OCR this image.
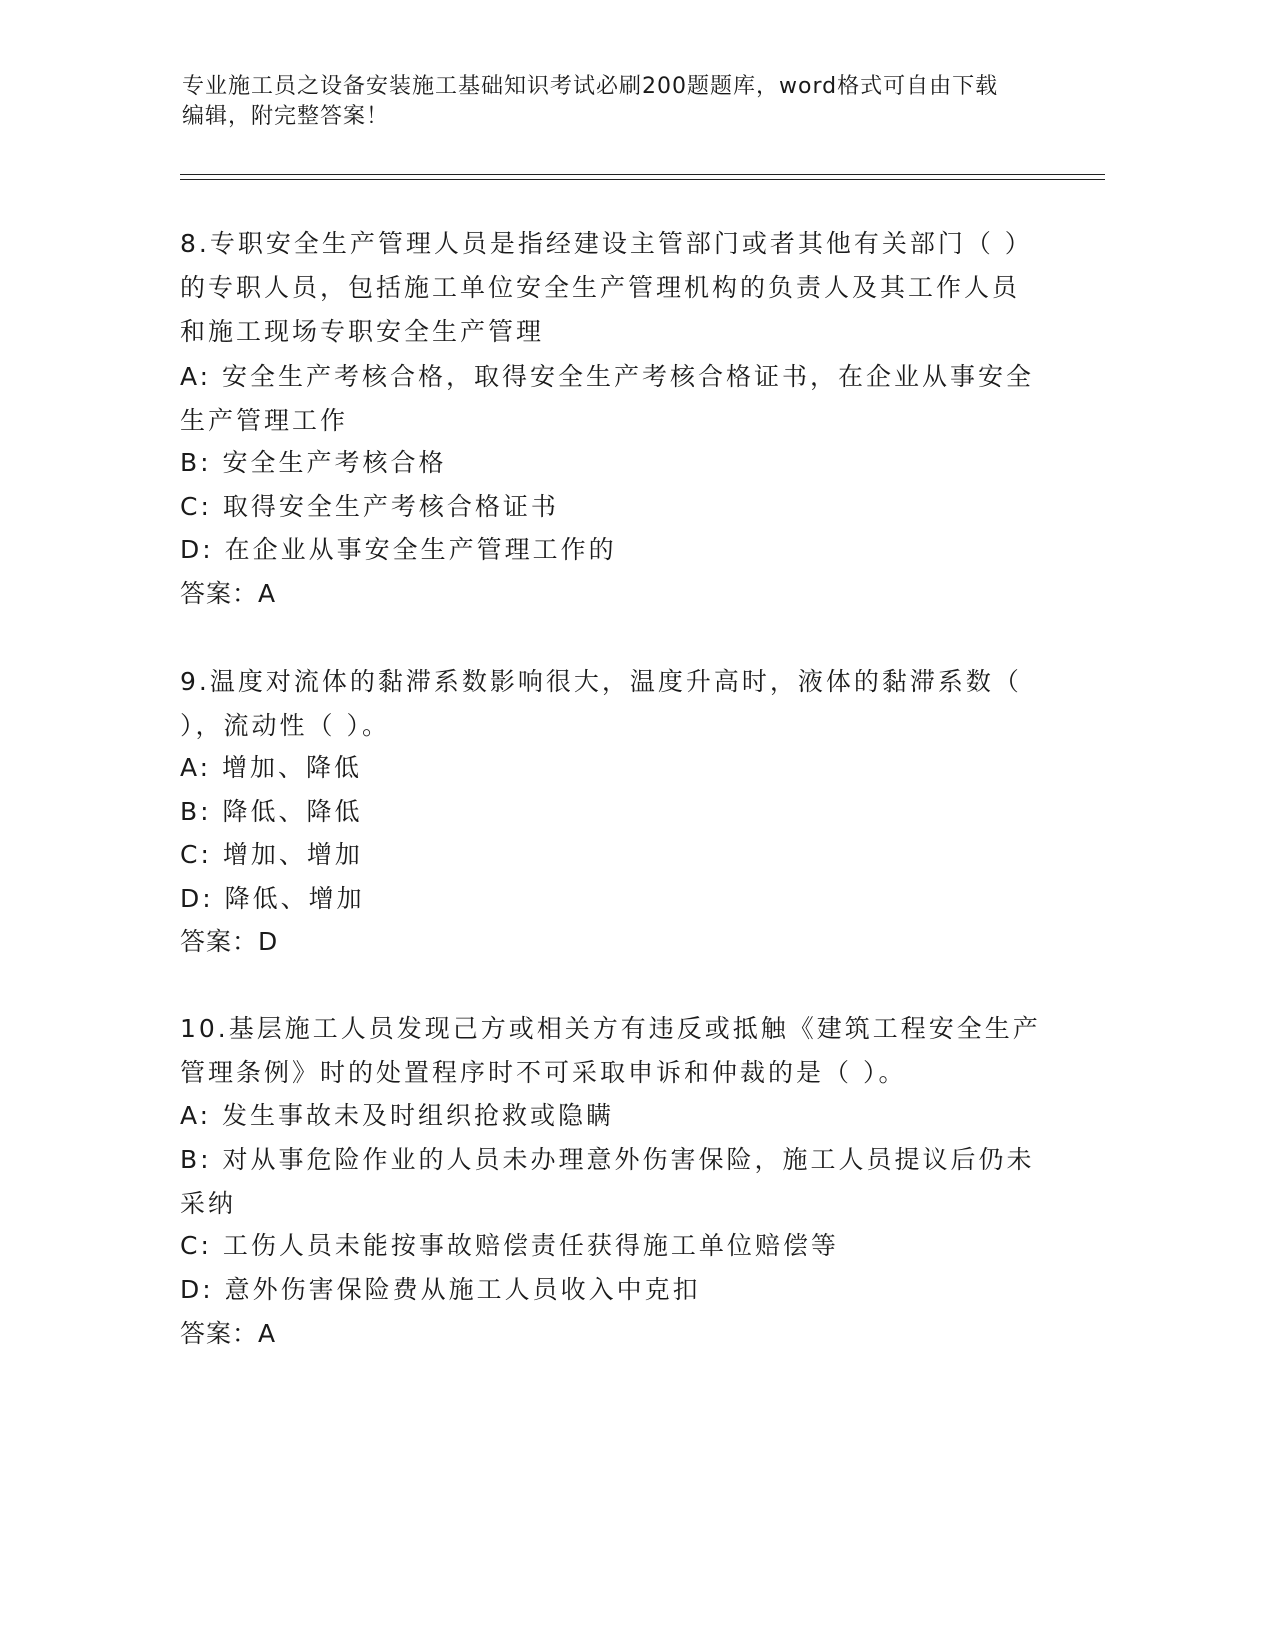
专业施工员之设备安装施工基础知识考试必刷200题题库，word格式可自由下载
编辑，附完整答案！
8.专职安全生产管理人员是指经建设主管部门或者其他有关部门（ ）
的专职人员，包括施工单位安全生产管理机构的负责人及其工作人员
和施工现场专职安全生产管理
A: 安全生产考核合格，取得安全生产考核合格证书，在企业从事安全
生产管理工作
B: 安全生产考核合格
C: 取得安全生产考核合格证书
D: 在企业从事安全生产管理工作的
答案：A
9.温度对流体的黏滞系数影响很大，温度升高时，液体的黏滞系数（
），流动性（ ）。
A: 增加、降低
B: 降低、降低
C: 增加、增加
D: 降低、增加
答案：D
10.基层施工人员发现己方或相关方有违反或抵触《建筑工程安全生产
管理条例》时的处置程序时不可采取申诉和仲裁的是（ ）。
A: 发生事故未及时组织抢救或隐瞒
B: 对从事危险作业的人员未办理意外伤害保险，施工人员提议后仍未
采纳
C: 工伤人员未能按事故赔偿责任获得施工单位赔偿等
D: 意外伤害保险费从施工人员收入中克扣
答案：A
